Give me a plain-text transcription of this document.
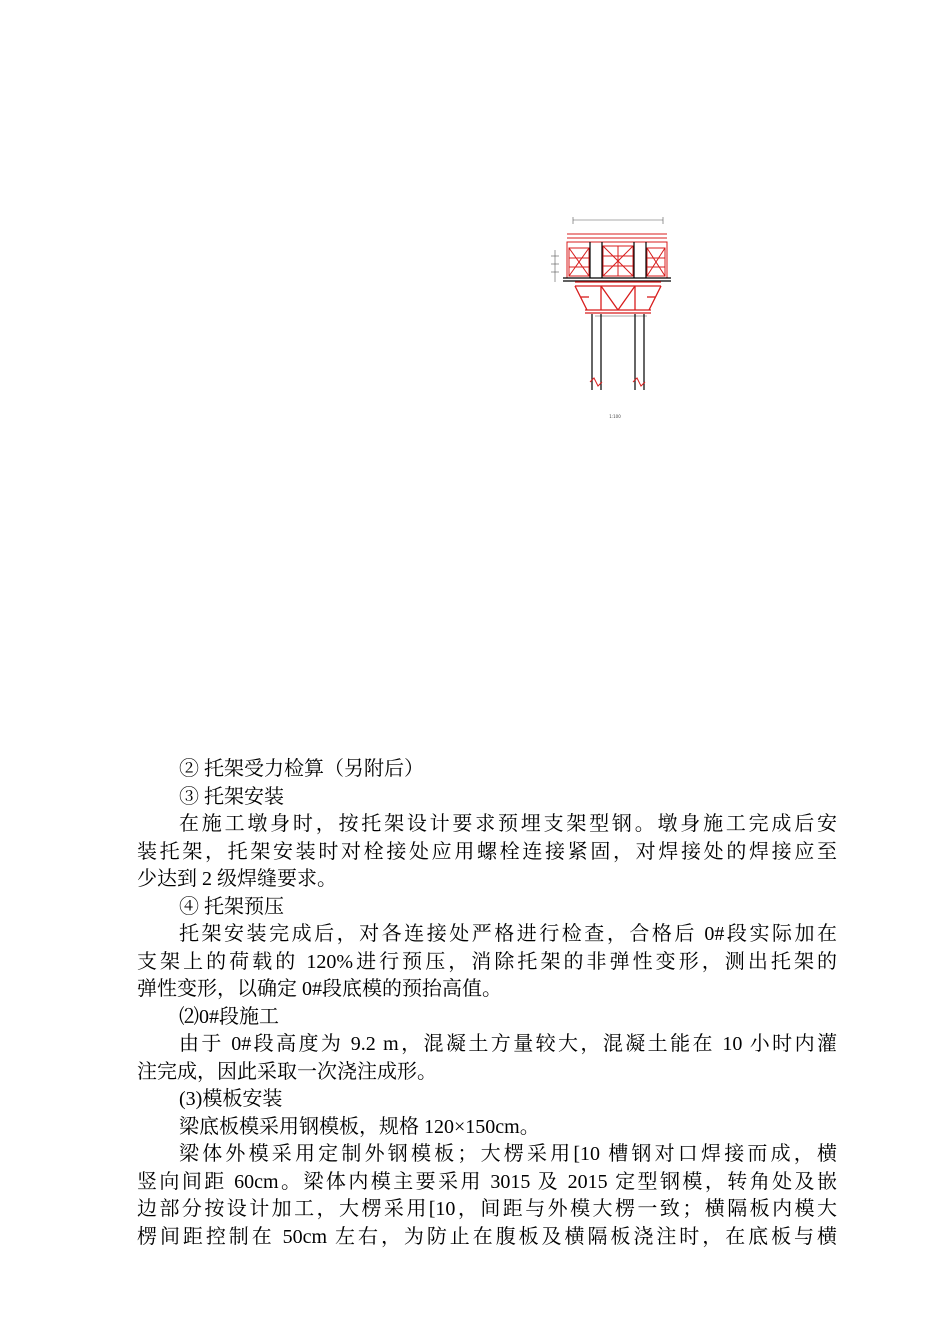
1:100
② 托架受力检算（另附后）
③ 托架安装
在施工墩身时，按托架设计要求预埋支架型钢。墩身施工完成后安
装托架，托架安装时对栓接处应用螺栓连接紧固，对焊接处的焊接应至
少达到 2 级焊缝要求。
④ 托架预压
托架安装完成后，对各连接处严格进行检查，合格后 0#段实际加在
支架上的荷载的 120%进行预压，消除托架的非弹性变形，测出托架的
弹性变形，以确定 0#段底模的预抬高值。
⑵0#段施工
由于 0#段高度为 9.2 m，混凝土方量较大，混凝土能在 10 小时内灌
注完成，因此采取一次浇注成形。
(3)模板安装
梁底板模采用钢模板，规格 120×150cm。
梁体外模采用定制外钢模板；大楞采用[10 槽钢对口焊接而成，横
竖向间距 60cm。梁体内模主要采用 3015 及 2015 定型钢模，转角处及嵌
边部分按设计加工，大楞采用[10，间距与外模大楞一致；横隔板内模大
楞间距控制在 50cm 左右，为防止在腹板及横隔板浇注时，在底板与横
